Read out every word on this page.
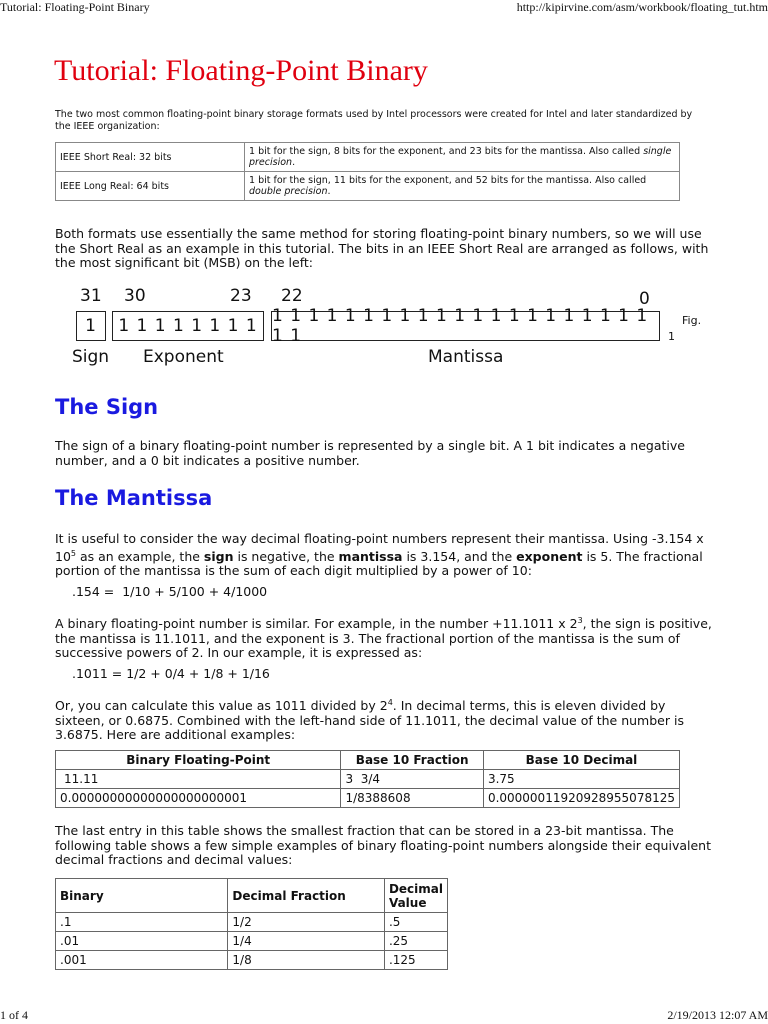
Tutorial: Floating-Point Binary	http://kipirvine.com/asm/workbook/floating_tut.htm
Tutorial: Floating-Point Binary
The two most common floating-point binary storage formats used by Intel processors were created for Intel and later standardized by the IEEE organization:
IEEE Short Real: 32 bits	1 bit for the sign, 8 bits for the exponent, and 23 bits for the mantissa. Also called single precision.
IEEE Long Real: 64 bits	1 bit for the sign, 11 bits for the exponent, and 52 bits for the mantissa. Also called double precision.
Both formats use essentially the same method for storing floating-point binary numbers, so we will use the Short Real as an example in this tutorial. The bits in an IEEE Short Real are arranged as follows, with the most significant bit (MSB) on the left:
31 30	23 22	0
1	1 1 1 1 1 1 1 1 1 1 1 1 1 1 1 1 1 1 1 1 1 1 1 1 1 1 1 1 1 1 1
Sign Exponent	Mantissa
Fig.
1
The Sign
The sign of a binary floating-point number is represented by a single bit. A 1 bit indicates a negative number, and a 0 bit indicates a positive number.
The Mantissa
It is useful to consider the way decimal floating-point numbers represent their mantissa. Using -3.154 x $10^5$ as an example, the sign is negative, the mantissa is 3.154, and the exponent is 5. The fractional portion of the mantissa is the sum of each digit multiplied by a power of 10:
.154 =  1/10 + 5/100 + 4/1000
A binary floating-point number is similar. For example, in the number +11.1011 x $2^3$, the sign is positive, the mantissa is 11.1011, and the exponent is 3. The fractional portion of the mantissa is the sum of successive powers of 2. In our example, it is expressed as:
.1011 = 1/2 + 0/4 + 1/8 + 1/16
Or, you can calculate this value as 1011 divided by $2^4$. In decimal terms, this is eleven divided by sixteen, or 0.6875. Combined with the left-hand side of 11.1011, the decimal value of the number is 3.6875. Here are additional examples:
Binary Floating-Point	Base 10 Fraction	Base 10 Decimal
11.11	3  3/4	3.75
0.00000000000000000000001	1/8388608	0.00000011920928955078125
The last entry in this table shows the smallest fraction that can be stored in a 23-bit mantissa. The following table shows a few simple examples of binary floating-point numbers alongside their equivalent decimal fractions and decimal values:
Binary	Decimal Fraction	Decimal Value
.1	1/2	.5
.01	1/4	.25
.001	1/8	.125
1 of 4	2/19/2013 12:07 AM
